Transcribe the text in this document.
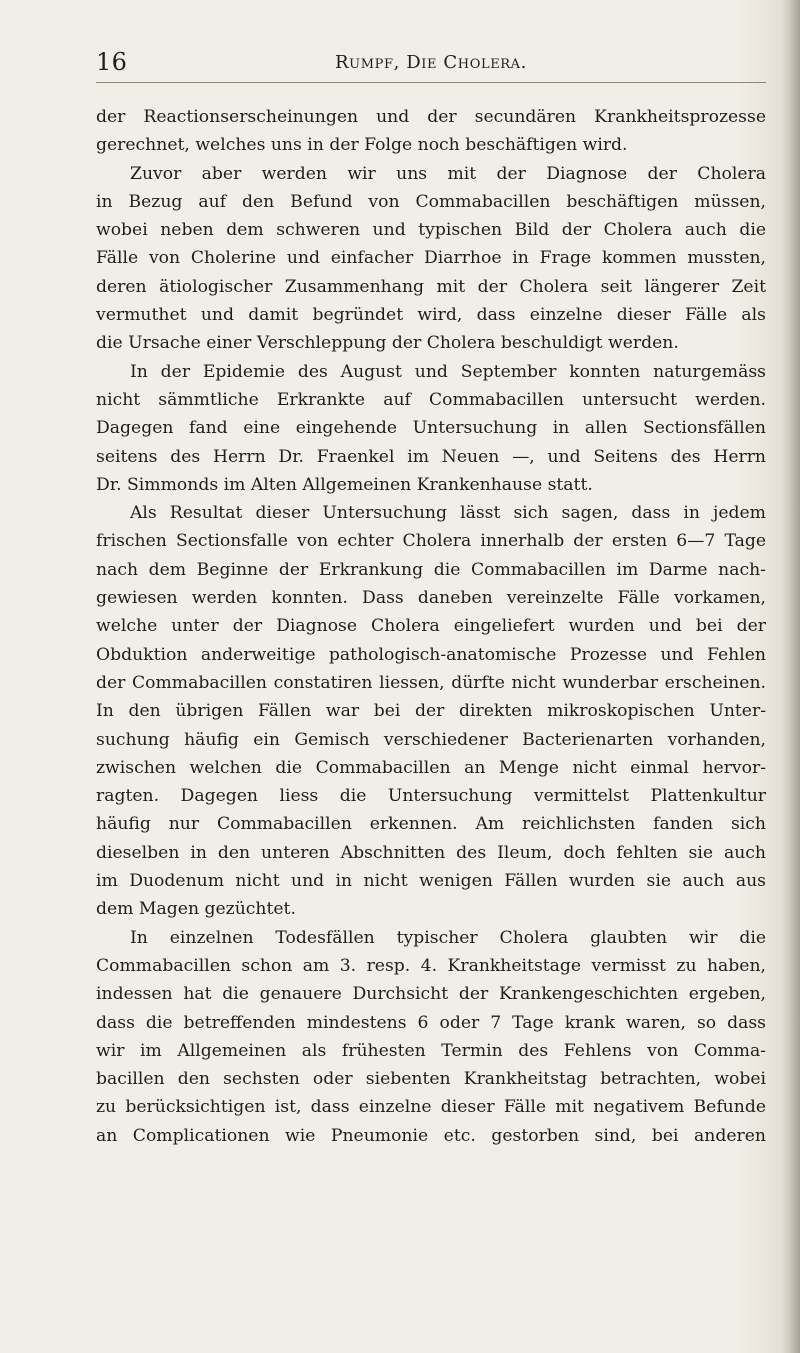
16	Rumpf, Die Cholera.
der Reactionserscheinungen und der secundären Krankheitsprozesse
gerechnet, welches uns in der Folge noch beschäftigen wird.
Zuvor aber werden wir uns mit der Diagnose der Cholera
in Bezug auf den Befund von Commabacillen beschäftigen müssen,
wobei neben dem schweren und typischen Bild der Cholera auch die
Fälle von Cholerine und einfacher Diarrhoe in Frage kommen mussten,
deren ätiologischer Zusammenhang mit der Cholera seit längerer Zeit
vermuthet und damit begründet wird, dass einzelne dieser Fälle als
die Ursache einer Verschleppung der Cholera beschuldigt werden.
In der Epidemie des August und September konnten naturgemäss
nicht sämmtliche Erkrankte auf Commabacillen untersucht werden.
Dagegen fand eine eingehende Untersuchung in allen Sectionsfällen
seitens des Herrn Dr. Fraenkel im Neuen —, und Seitens des Herrn
Dr. Simmonds im Alten Allgemeinen Krankenhause statt.
Als Resultat dieser Untersuchung lässt sich sagen, dass in jedem
frischen Sectionsfalle von echter Cholera innerhalb der ersten 6—7 Tage
nach dem Beginne der Erkrankung die Commabacillen im Darme nach-
gewiesen werden konnten. Dass daneben vereinzelte Fälle vorkamen,
welche unter der Diagnose Cholera eingeliefert wurden und bei der
Obduktion anderweitige pathologisch-anatomische Prozesse und Fehlen
der Commabacillen constatiren liessen, dürfte nicht wunderbar erscheinen.
In den übrigen Fällen war bei der direkten mikroskopischen Unter-
suchung häufig ein Gemisch verschiedener Bacterienarten vorhanden,
zwischen welchen die Commabacillen an Menge nicht einmal hervor-
ragten. Dagegen liess die Untersuchung vermittelst Plattenkultur
häufig nur Commabacillen erkennen. Am reichlichsten fanden sich
dieselben in den unteren Abschnitten des Ileum, doch fehlten sie auch
im Duodenum nicht und in nicht wenigen Fällen wurden sie auch aus
dem Magen gezüchtet.
In einzelnen Todesfällen typischer Cholera glaubten wir die
Commabacillen schon am 3. resp. 4. Krankheitstage vermisst zu haben,
indessen hat die genauere Durchsicht der Krankengeschichten ergeben,
dass die betreffenden mindestens 6 oder 7 Tage krank waren, so dass
wir im Allgemeinen als frühesten Termin des Fehlens von Comma-
bacillen den sechsten oder siebenten Krankheitstag betrachten, wobei
zu berücksichtigen ist, dass einzelne dieser Fälle mit negativem Befunde
an Complicationen wie Pneumonie etc. gestorben sind, bei anderen
